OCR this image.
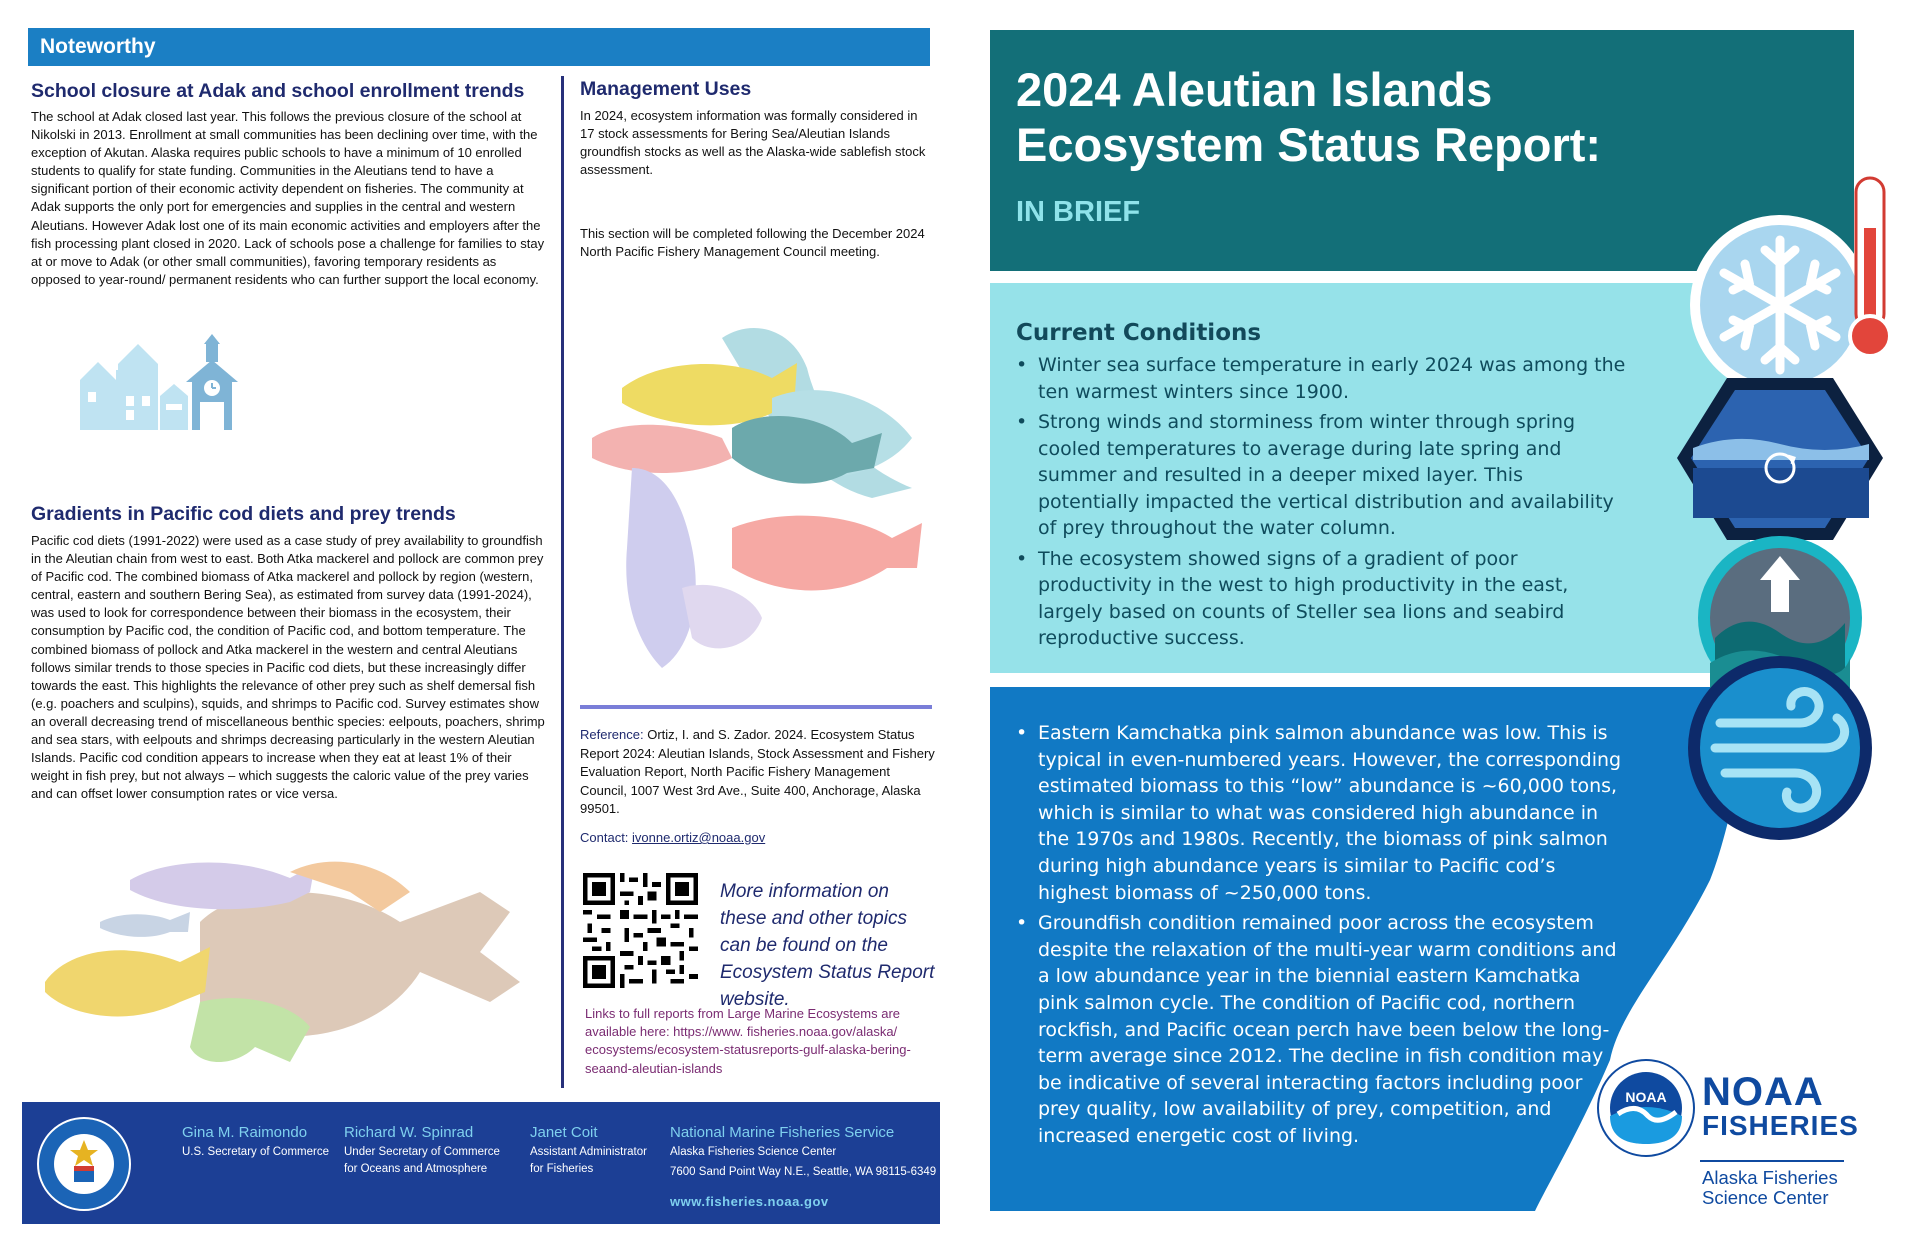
Noteworthy
School closure at Adak and school enrollment trends
The school at Adak closed last year. This follows the previous closure of the school at Nikolski in 2013. Enrollment at small communities has been declining over time, with the exception of Akutan. Alaska requires public schools to have a minimum of 10 enrolled students to qualify for state funding. Communities in the Aleutians tend to have a significant portion of their economic activity dependent on fisheries. The community at Adak supports the only port for emergencies and supplies in the central and western Aleutians. However Adak lost one of its main economic activities and employers after the fish processing plant closed in 2020. Lack of schools pose a challenge for families to stay at or move to Adak (or other small communities), favoring temporary residents as opposed to year-round/ permanent residents who can further support the local economy.
Gradients in Pacific cod diets and prey trends
Pacific cod diets (1991-2022) were used as a case study of prey availability to groundfish in the Aleutian chain from west to east. Both Atka mackerel and pollock are common prey of Pacific cod. The combined biomass of Atka mackerel and pollock by region (western, central, eastern and southern Bering Sea), as estimated from survey data (1991-2024), was used to look for correspondence between their biomass in the ecosystem, their consumption by Pacific cod, the condition of Pacific cod, and bottom temperature. The combined biomass of pollock and Atka mackerel in the western and central Aleutians follows similar trends to those species in Pacific cod diets, but these increasingly differ towards the east. This highlights the relevance of other prey such as shelf demersal fish (e.g. poachers and sculpins), squids, and shrimps to Pacific cod. Survey estimates show an overall decreasing trend of miscellaneous benthic species: eelpouts, poachers, shrimp and sea stars, with eelpouts and shrimps decreasing particularly in the western Aleutian Islands. Pacific cod condition appears to increase when they eat at least 1% of their weight in fish prey, but not always – which suggests the caloric value of the prey varies and can offset lower consumption rates or vice versa.
Management Uses
In 2024, ecosystem information was formally considered in 17 stock assessments for Bering Sea/Aleutian Islands groundfish stocks as well as the Alaska-wide sablefish stock assessment.
This section will be completed following the December 2024 North Pacific Fishery Management Council meeting.
Reference: Ortiz, I. and S. Zador. 2024. Ecosystem Status Report 2024: Aleutian Islands, Stock Assessment and Fishery Evaluation Report, North Pacific Fishery Management Council, 1007 West 3rd Ave., Suite 400, Anchorage, Alaska 99501.
Contact: ivonne.ortiz@noaa.gov
More information on these and other topics can be found on the Ecosystem Status Report website.
Links to full reports from Large Marine Ecosystems are available here: https://www. fisheries.noaa.gov/alaska/ ecosystems/ecosystem-statusreports-gulf-alaska-bering-seaand-aleutian-islands
Gina M. Raimondo
U.S. Secretary of Commerce
Richard W. Spinrad
Under Secretary of Commerce
for Oceans and Atmosphere
Janet Coit
Assistant Administrator
for Fisheries
National Marine Fisheries Service
Alaska Fisheries Science Center
7600 Sand Point Way N.E., Seattle, WA 98115-6349
www.fisheries.noaa.gov
2024 Aleutian Islands
Ecosystem Status Report:
IN BRIEF
Current Conditions
• Winter sea surface temperature in early 2024 was among the ten warmest winters since 1900.
• Strong winds and storminess from winter through spring cooled temperatures to average during late spring and summer and resulted in a deeper mixed layer. This potentially impacted the vertical distribution and availability of prey throughout the water column.
• The ecosystem showed signs of a gradient of poor productivity in the west to high productivity in the east, largely based on counts of Steller sea lions and seabird reproductive success.
• Eastern Kamchatka pink salmon abundance was low. This is typical in even-numbered years. However, the corresponding estimated biomass to this “low” abundance is ~60,000 tons, which is similar to what was considered high abundance in the 1970s and 1980s. Recently, the biomass of pink salmon during high abundance years is similar to Pacific cod’s highest biomass of ~250,000 tons.
• Groundfish condition remained poor across the ecosystem despite the relaxation of the multi-year warm conditions and a low abundance year in the biennial eastern Kamchatka pink salmon cycle. The condition of Pacific cod, northern rockfish, and Pacific ocean perch have been below the long-term average since 2012. The decline in fish condition may be indicative of several interacting factors including poor prey quality, low availability of prey, competition, and increased energetic cost of living.
NOAA NOAA
FISHERIES
Alaska Fisheries
Science Center
